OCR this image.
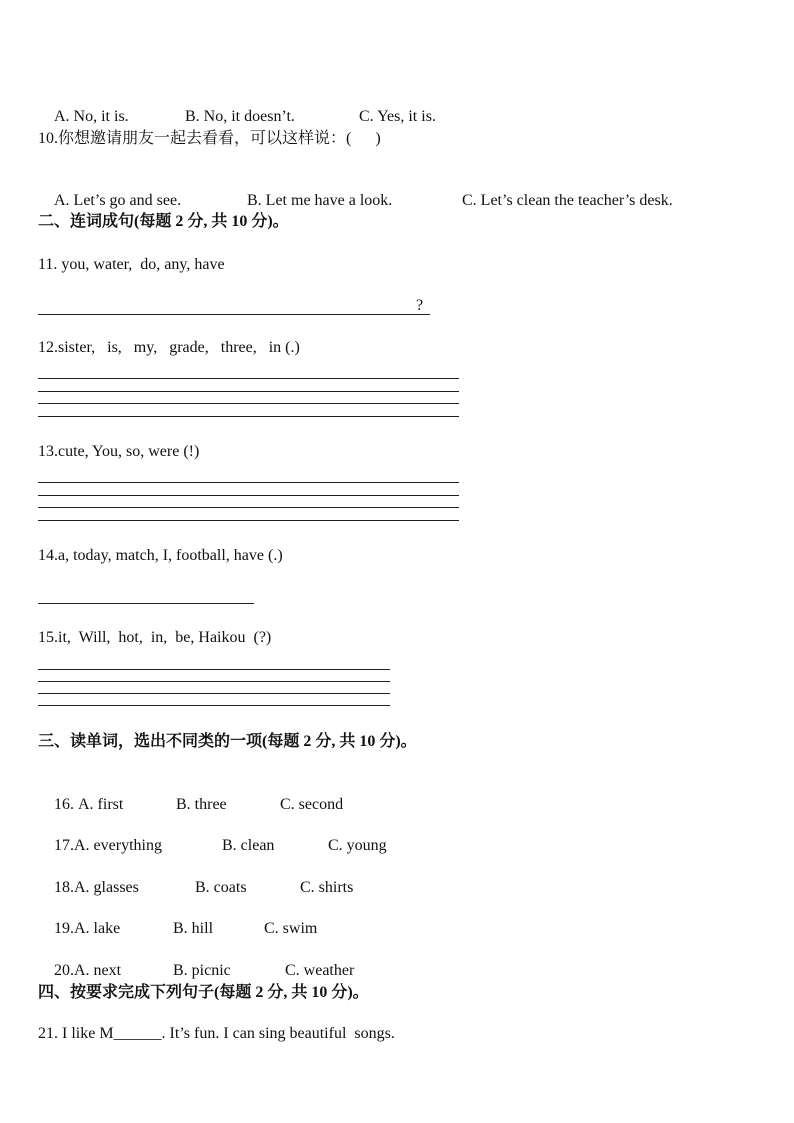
A. No, it is.	B. No, it doesn’t.	C. Yes, it is.

10.你想邀请朋友一起去看看，可以这样说：(      )

A. Let’s go and see.	B. Let me have a look.	C. Let’s clean the teacher’s desk.

二、连词成句(每题 2 分, 共 10 分)。
11. you, water,  do, any, have
?
12.sister,   is,   my,   grade,   three,   in (.)
13.cute, You, so, were (!)
14.a, today, match, I, football, have (.)
15.it,  Will,  hot,  in,  be, Haikou  (?)
三、读单词，选出不同类的一项(每题 2 分, 共 10 分)。

16. A. first	B. three	C. second

17.A. everything	B. clean	C. young

18.A. glasses	B. coats	C. shirts

19.A. lake	B. hill	C. swim

20.A. next	B. picnic	C. weather

四、按要求完成下列句子(每题 2 分, 共 10 分)。
21. I like M______. It’s fun. I can sing beautiful  songs.
